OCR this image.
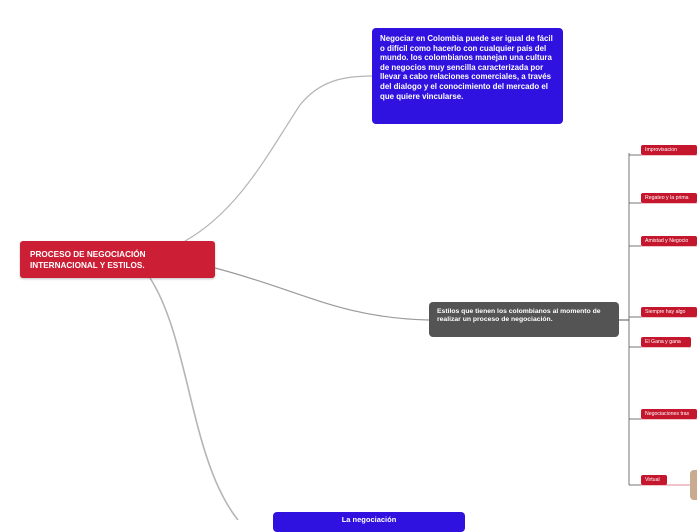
PROCESO DE NEGOCIACIÓN INTERNACIONAL Y ESTILOS.
Negociar en Colombia puede ser igual de fácil o difícil como hacerlo con cualquier país del mundo. los colombianos manejan una cultura de negocios muy sencilla caracterizada por llevar a cabo relaciones comerciales, a través del dialogo y el conocimiento del mercado el que quiere vincularse.
Estilos que tienen los colombianos al momento de realizar un proceso de negociación.
La negociación
Improvisacion
Regateo y la prima
Amistad y Negocio
Siempre hay algo
El Gana y gana
Negociaciones tras
Virtual
